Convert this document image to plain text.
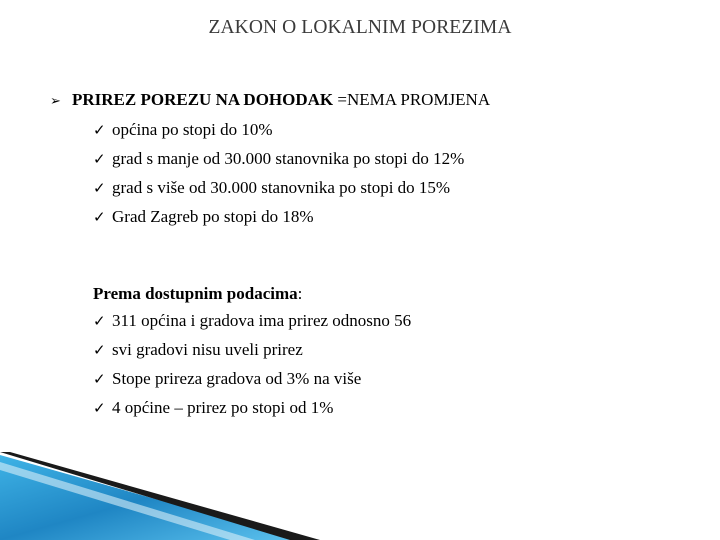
ZAKON O LOKALNIM POREZIMA
➢ PRIREZ POREZU NA DOHODAK =NEMA PROMJENA
✓ općina po stopi do 10%
✓ grad s manje od 30.000 stanovnika po stopi do 12%
✓ grad s više od 30.000 stanovnika po stopi do 15%
✓ Grad Zagreb po stopi do 18%
Prema dostupnim podacima:
✓ 311 općina i gradova ima prirez odnosno 56
✓ svi gradovi nisu uveli prirez
✓ Stope prireza gradova od 3% na više
✓ 4 općine – prirez po stopi od 1%
